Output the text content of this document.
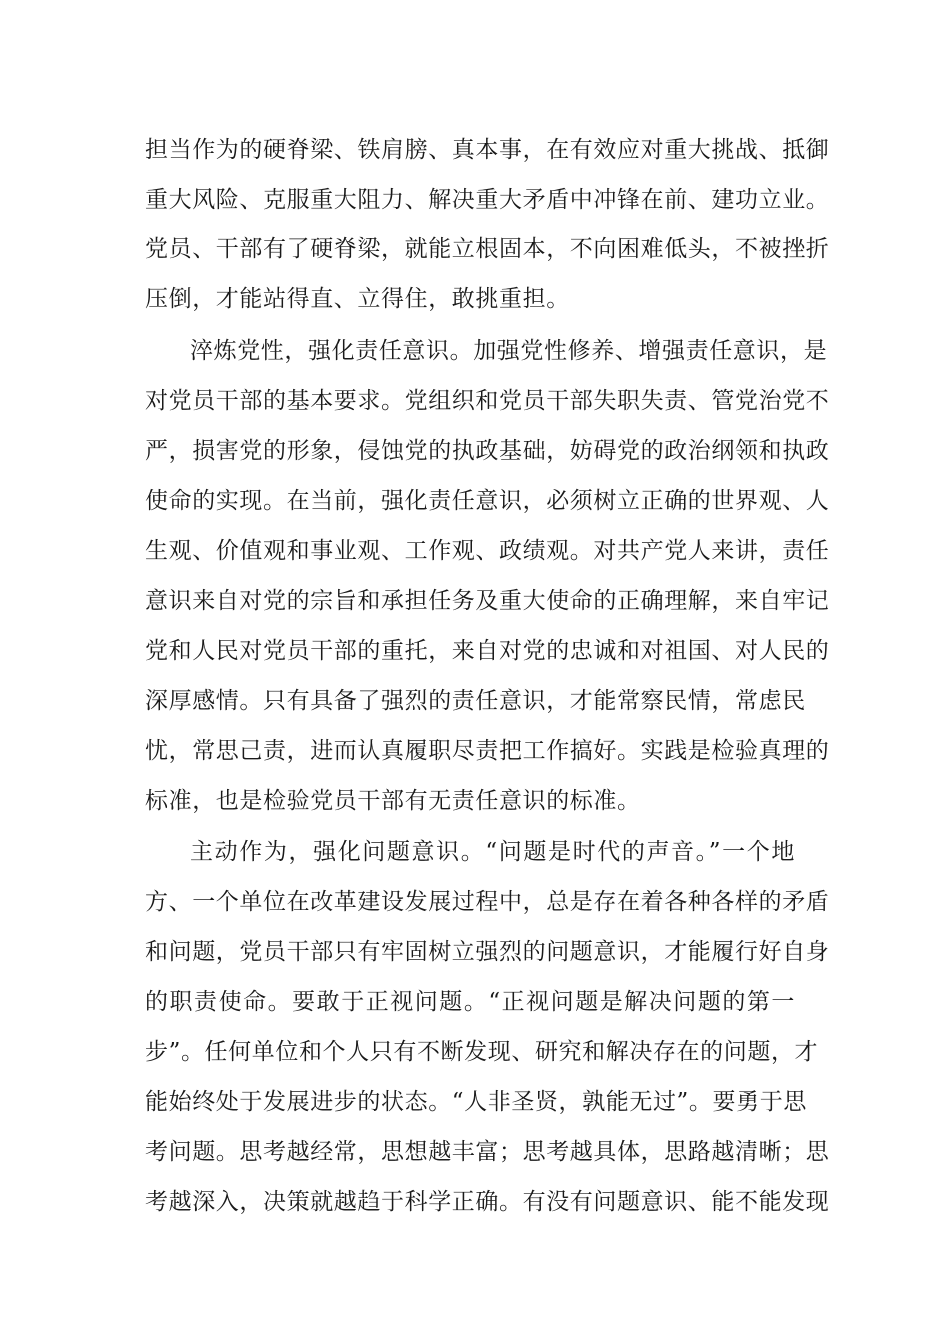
担当作为的硬脊梁、铁肩膀、真本事，在有效应对重大挑战、抵御
重大风险、克服重大阻力、解决重大矛盾中冲锋在前、建功立业。
党员、干部有了硬脊梁，就能立根固本，不向困难低头，不被挫折
压倒，才能站得直、立得住，敢挑重担。
淬炼党性，强化责任意识。加强党性修养、增强责任意识，是
对党员干部的基本要求。党组织和党员干部失职失责、管党治党不
严，损害党的形象，侵蚀党的执政基础，妨碍党的政治纲领和执政
使命的实现。在当前，强化责任意识，必须树立正确的世界观、人
生观、价值观和事业观、工作观、政绩观。对共产党人来讲，责任
意识来自对党的宗旨和承担任务及重大使命的正确理解，来自牢记
党和人民对党员干部的重托，来自对党的忠诚和对祖国、对人民的
深厚感情。只有具备了强烈的责任意识，才能常察民情，常虑民
忧，常思己责，进而认真履职尽责把工作搞好。实践是检验真理的
标准，也是检验党员干部有无责任意识的标准。
主动作为，强化问题意识。“问题是时代的声音。”一个地
方、一个单位在改革建设发展过程中，总是存在着各种各样的矛盾
和问题，党员干部只有牢固树立强烈的问题意识，才能履行好自身
的职责使命。要敢于正视问题。“正视问题是解决问题的第一
步”。任何单位和个人只有不断发现、研究和解决存在的问题，才
能始终处于发展进步的状态。“人非圣贤，孰能无过”。要勇于思
考问题。思考越经常，思想越丰富；思考越具体，思路越清晰；思
考越深入，决策就越趋于科学正确。有没有问题意识、能不能发现
